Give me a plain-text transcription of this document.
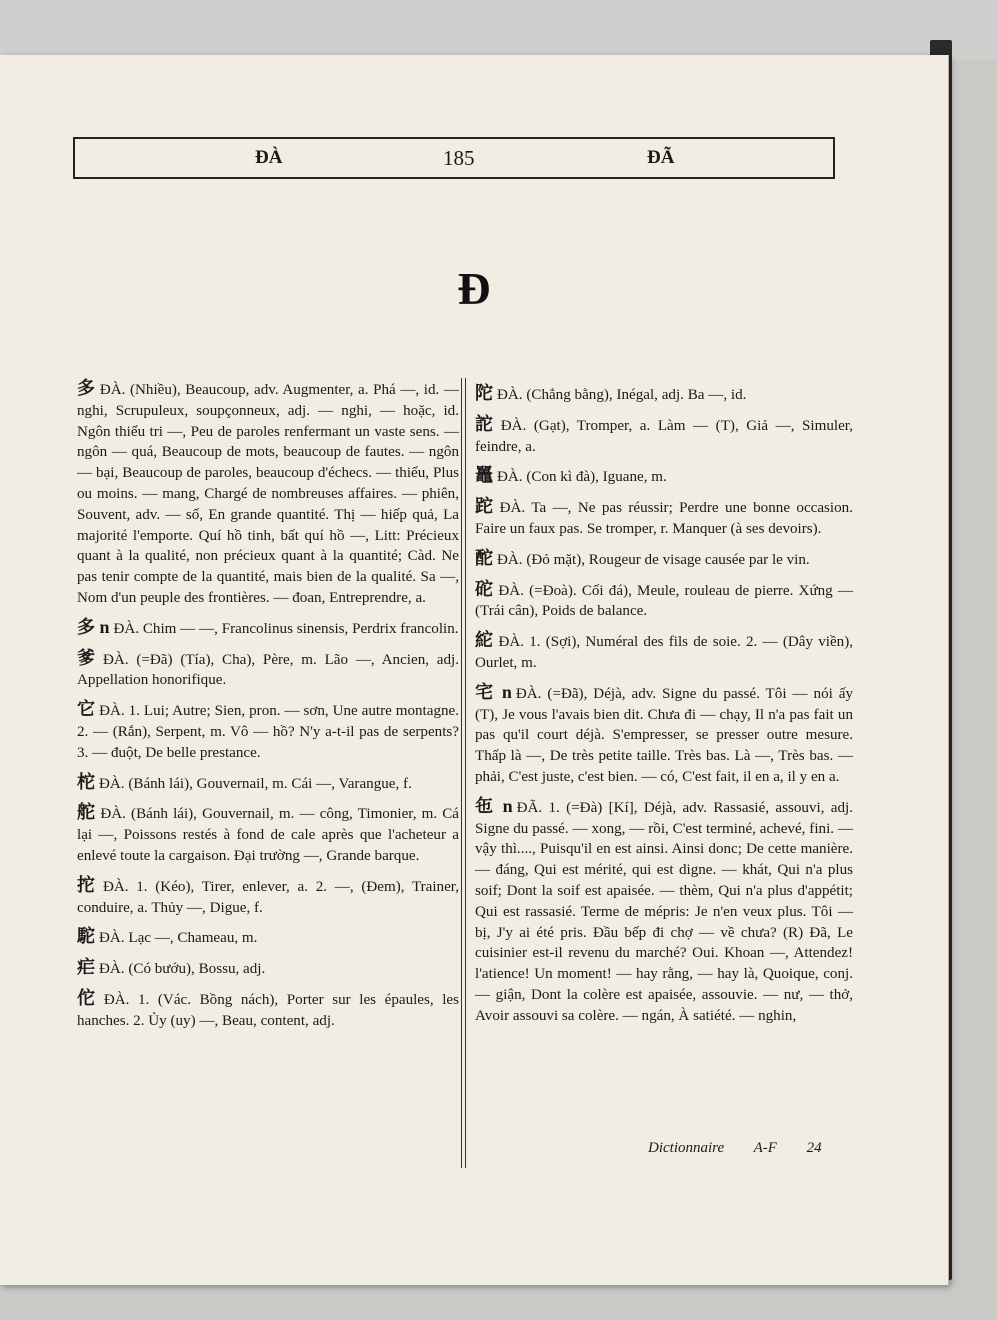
ĐÀ	185	ĐÃ
Đ

多 ĐÀ. (Nhiều), Beaucoup, adv. Augmenter, a. Phá —, id. — nghi, Scrupuleux, soupçonneux, adj. — nghi, — hoặc, id. Ngôn thiểu tri —, Peu de paroles renfermant un vaste sens. — ngôn — quá, Beaucoup de mots, beaucoup de fautes. — ngôn — bại, Beaucoup de paroles, beaucoup d'échecs. — thiểu, Plus ou moins. — mang, Chargé de nombreuses affaires. — phiên, Souvent, adv. — số, En grande quantité. Thị — hiếp quả, La majorité l'emporte. Quí hồ tinh, bất quí hồ —, Litt: Précieux quant à la qualité, non précieux quant à la quantité; Càd. Ne pas tenir compte de la quantité, mais bien de la qualité. Sa —, Nom d'un peuple des frontières. — đoan, Entreprendre, a.

多 n ĐÀ. Chim — —, Francolinus sinensis, Perdrix francolin.

爹 ĐÀ. (=Đã) (Tía), Cha), Père, m. Lão —, Ancien, adj. Appellation honorifique.

它 ĐÀ. 1. Lui; Autre; Sien, pron. — sơn, Une autre montagne. 2. — (Rắn), Serpent, m. Vô — hồ? N'y a-t-il pas de serpents? 3. — đuột, De belle prestance.

柁 ĐÀ. (Bánh lái), Gouvernail, m. Cái —, Varangue, f.

舵 ĐÀ. (Bánh lái), Gouvernail, m. — công, Timonier, m. Cá lại —, Poissons restés à fond de cale après que l'acheteur a enlevé toute la cargaison. Đại trường —, Grande barque.

拕 ĐÀ. 1. (Kéo), Tirer, enlever, a. 2. —, (Đem), Trainer, conduire, a. Thủy —, Digue, f.

駝 ĐÀ. Lạc —, Chameau, m.

疟 ĐÀ. (Có bướu), Bossu, adj.

佗 ĐÀ. 1. (Vác. Bồng nách), Porter sur les épaules, les hanches. 2. Ủy (uy) —, Beau, content, adj.

陀 ĐÀ. (Chẳng bằng), Inégal, adj. Ba —, id.

詑 ĐÀ. (Gạt), Tromper, a. Làm — (T), Giả —, Simuler, feindre, a.

鼉 ĐÀ. (Con kì đà), Iguane, m.

跎 ĐÀ. Ta —, Ne pas réussir; Perdre une bonne occasion. Faire un faux pas. Se tromper, r. Manquer (à ses devoirs).

酡 ĐÀ. (Đỏ mặt), Rougeur de visage causée par le vin.

砣 ĐÀ. (=Đoà). Cối đá), Meule, rouleau de pierre. Xứng — (Trái cân), Poids de balance.

紽 ĐÀ. 1. (Sợi), Numéral des fils de soie. 2. — (Dây viền), Ourlet, m.

宅 n ĐÀ. (=Đã), Déjà, adv. Signe du passé. Tôi — nói ấy (T), Je vous l'avais bien dit. Chưa đi — chạy, Il n'a pas fait un pas qu'il court déjà. S'empresser, se presser outre mesure. Thấp là —, De très petite taille. Très bas. Là —, Très bas. — phải, C'est juste, c'est bien. — có, C'est fait, il en a, il y en a.

㐌 n ĐÃ. 1. (=Đà) [Kí], Déjà, adv. Rassasié, assouvi, adj. Signe du passé. — xong, — rồi, C'est terminé, achevé, fini. — vậy thì...., Puisqu'il en est ainsi. Ainsi donc; De cette manière. — đáng, Qui est mérité, qui est digne. — khát, Qui n'a plus soif; Dont la soif est apaisée. — thèm, Qui n'a plus d'appétit; Qui est rassasié. Terme de mépris: Je n'en veux plus. Tôi — bị, J'y ai été pris. Đầu bếp đi chợ — về chưa? (R) Đã, Le cuisinier est-il revenu du marché? Oui. Khoan —, Attendez! l'atience! Un moment! — hay rằng, — hay là, Quoique, conj. — giận, Dont la colère est apaisée, assouvie. — nư, — thở, Avoir assouvi sa colère. — ngán, À satiété. — nghin,

Dictionnaire A-F 24
